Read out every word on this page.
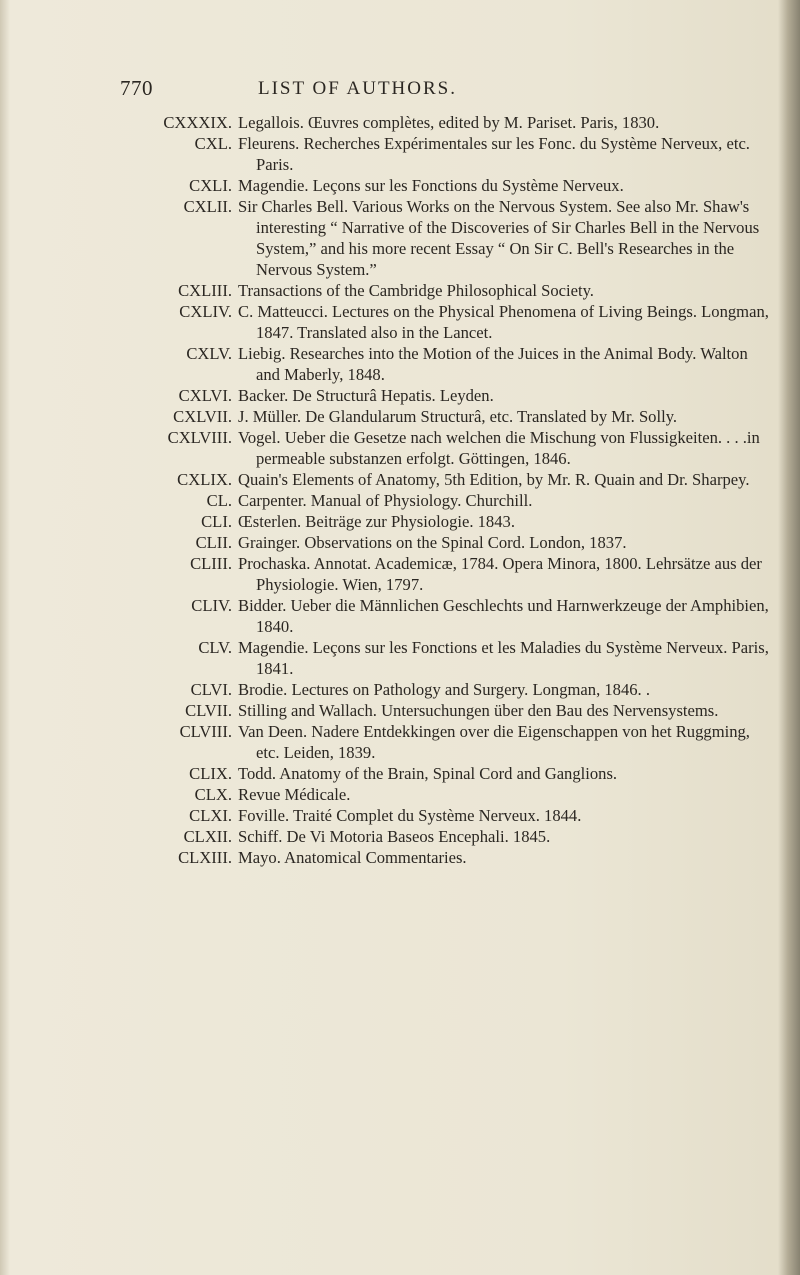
770	LIST OF AUTHORS.
CXXXIX. Legallois. Œuvres complètes, edited by M. Pariset. Paris, 1830.
CXL. Fleurens. Recherches Expérimentales sur les Fonc. du Système Nerveux, etc. Paris.
CXLI. Magendie. Leçons sur les Fonctions du Système Nerveux.
CXLII. Sir Charles Bell. Various Works on the Nervous System. See also Mr. Shaw's interesting “ Narrative of the Discoveries of Sir Charles Bell in the Nervous System,” and his more recent Essay “ On Sir C. Bell's Researches in the Nervous System.”
CXLIII. Transactions of the Cambridge Philosophical Society.
CXLIV. C. Matteucci. Lectures on the Physical Phenomena of Living Beings. Longman, 1847. Translated also in the Lancet.
CXLV. Liebig. Researches into the Motion of the Juices in the Animal Body. Walton and Maberly, 1848.
CXLVI. Backer. De Structurâ Hepatis. Leyden.
CXLVII. J. Müller. De Glandularum Structurâ, etc. Translated by Mr. Solly.
CXLVIII. Vogel. Ueber die Gesetze nach welchen die Mischung von Flussigkeiten. . . .in permeable substanzen erfolgt. Göttingen, 1846.
CXLIX. Quain's Elements of Anatomy, 5th Edition, by Mr. R. Quain and Dr. Sharpey.
CL. Carpenter. Manual of Physiology. Churchill.
CLI. Œsterlen. Beiträge zur Physiologie. 1843.
CLII. Grainger. Observations on the Spinal Cord. London, 1837.
CLIII. Prochaska. Annotat. Academicæ, 1784. Opera Minora, 1800. Lehrsätze aus der Physiologie. Wien, 1797.
CLIV. Bidder. Ueber die Männlichen Geschlechts und Harnwerkzeuge der Amphibien, 1840.
CLV. Magendie. Leçons sur les Fonctions et les Maladies du Système Nerveux. Paris, 1841.
CLVI. Brodie. Lectures on Pathology and Surgery. Longman, 1846. .
CLVII. Stilling and Wallach. Untersuchungen über den Bau des Nervensystems.
CLVIII. Van Deen. Nadere Entdekkingen over die Eigenschappen von het Ruggming, etc. Leiden, 1839.
CLIX. Todd. Anatomy of the Brain, Spinal Cord and Ganglions.
CLX. Revue Médicale.
CLXI. Foville. Traité Complet du Système Nerveux. 1844.
CLXII. Schiff. De Vi Motoria Baseos Encephali. 1845.
CLXIII. Mayo. Anatomical Commentaries.
